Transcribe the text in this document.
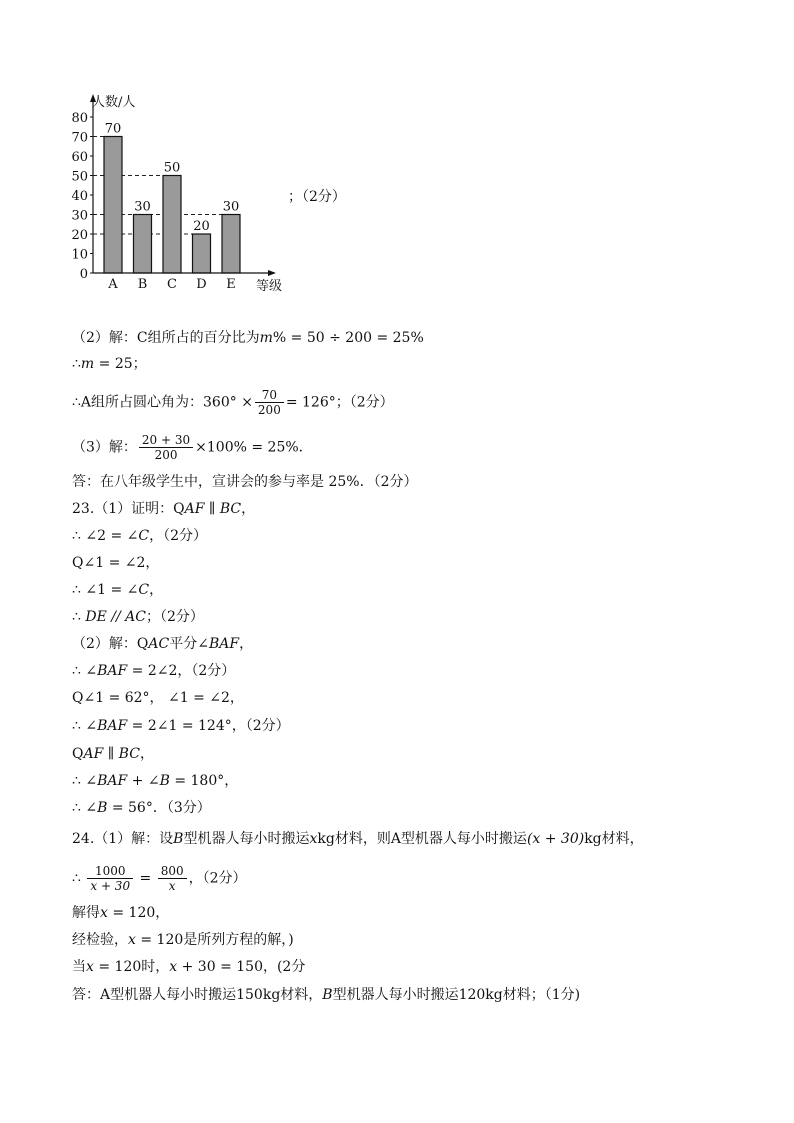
0
10
20
30
40
50
60
70
80
A B C D E
70
30
50
20
30
人数/人
等级
；（2分）
（2）解：C组所占的百分比为m% = 50 ÷ 200 = 25%
∴m = 25；
∴A组所占圆心角为：$360^\circ \times \frac{70}{200} = 126^\circ$；（2分）
（3）解： $\frac{20 + 30}{200} \times 100\% = 25\%$．
答：在八年级学生中，宣讲会的参与率是 25%．（2分）
23.（1）证明：QAF ∥ BC，
∴ ∠2 = ∠C，（2分）
Q∠1 = ∠2，
∴ ∠1 = ∠C，
∴ DE // AC；（2分）
（2）解：QAC平分∠BAF，
∴ ∠BAF = 2∠2，（2分）
Q∠1 = 62°， ∠1 = ∠2，
∴ ∠BAF = 2∠1 = 124°，（2分）
QAF ∥ BC，
∴ ∠BAF + ∠B = 180°，
∴ ∠B = 56°．（3分）
24.（1）解：设B型机器人每小时搬运xkg材料，则A型机器人每小时搬运(x + 30)kg材料，
∴ $\frac{1000}{x + 30} = \frac{800}{x}$ ，（2分）
解得x = 120，
经检验，x = 120是所列方程的解，)
当x = 120时，x + 30 = 150，(2分
答：A型机器人每小时搬运150kg材料，B型机器人每小时搬运120kg材料；（1分)
